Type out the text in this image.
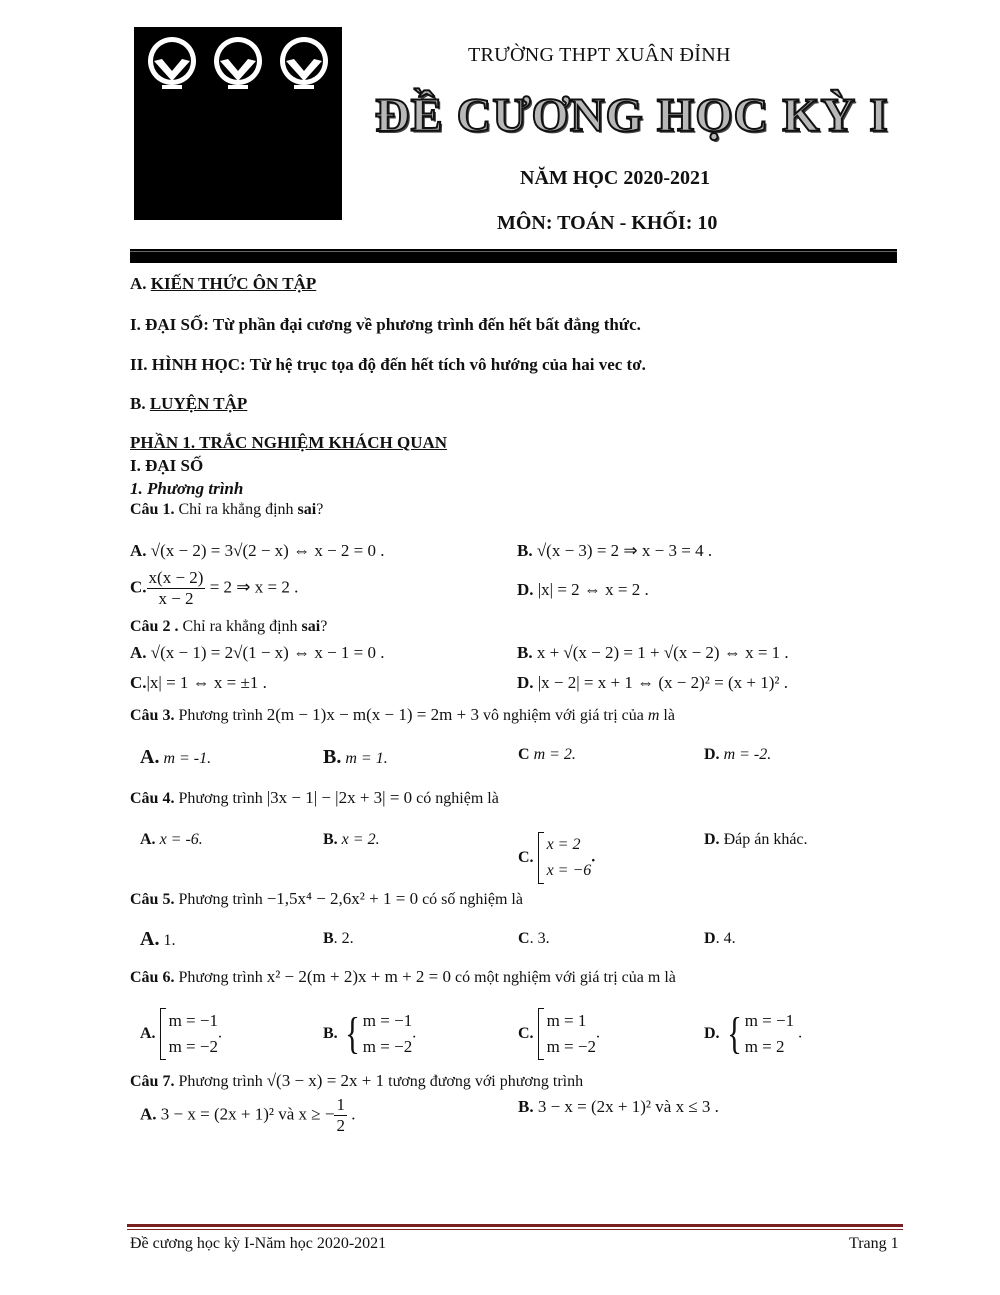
TRƯỜNG THPT XUÂN ĐỈNH
ĐỀ CƯƠNG HỌC KỲ I
NĂM HỌC 2020-2021
MÔN: TOÁN - KHỐI: 10
A. KIẾN THỨC ÔN TẬP
I. ĐẠI SỐ: Từ phần đại cương về phương trình đến hết bất đẳng thức.
II. HÌNH HỌC: Từ hệ trục tọa độ đến hết tích vô hướng của hai vec tơ.
B. LUYỆN TẬP
PHẦN 1. TRẮC NGHIỆM KHÁCH QUAN
I. ĐẠI SỐ
1. Phương trình
Câu 1. Chỉ ra khẳng định sai?
A. √(x − 2) = 3√(2 − x) ⇔ x − 2 = 0 .	B. √(x − 3) = 2 ⇒ x − 3 = 4 .
C. $\frac{x(x - 2)}{x - 2} = 2$ ⇒ x = 2 .	D. |x| = 2 ⇔ x = 2 .
Câu 2 . Chỉ ra khẳng định sai?
A. √(x − 1) = 2√(1 − x) ⇔ x − 1 = 0 .	B. x + √(x − 2) = 1 + √(x − 2) ⇔ x = 1 .
C.|x| = 1 ⇔ x = ±1 .	D. |x − 2| = x + 1 ⇔ (x − 2)² = (x + 1)² .
Câu 3. Phương trình 2(m − 1)x − m(x − 1) = 2m + 3 vô nghiệm với giá trị của m là
A. m = -1.	B. m = 1.	C m = 2.	D. m = -2.
Câu 4. Phương trình |3x − 1| − |2x + 3| = 0 có nghiệm là
A. x = -6.	B. x = 2.
C.
x = 2
x = −6
.
D. Đáp án khác.
Câu 5. Phương trình −1,5x⁴ − 2,6x² + 1 = 0 có số nghiệm là
A. 1.	B. 2.	C. 3.	D. 4.
Câu 6. Phương trình x² − 2(m + 2)x + m + 2 = 0 có một nghiệm với giá trị của m là
A.
m = −1
m = −2
.	B. { m = −1
m = −2
.	C.
m = 1
m = −2
.	D. { m = −1
m = 2
.
Câu 7. Phương trình √(3 − x) = 2x + 1 tương đương với phương trình
A. 3 − x = (2x + 1)² và x ≥ − $\frac{1}{2}$ .	B. 3 − x = (2x + 1)² và x ≤ 3 .
Đề cương học kỳ I-Năm học 2020-2021	Trang 1
